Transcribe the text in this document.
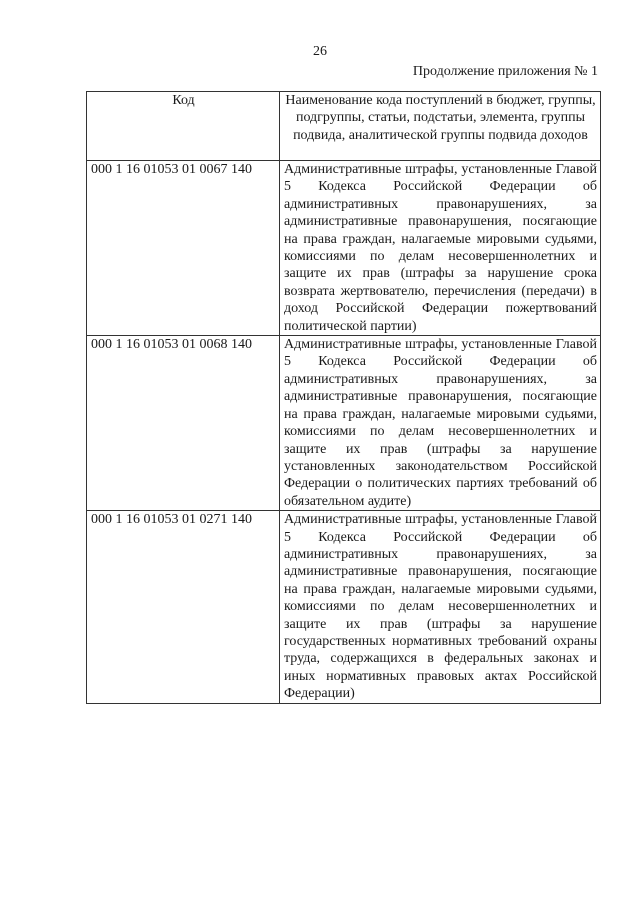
26
Продолжение приложения № 1
Код	Наименование кода поступлений в бюджет, группы, подгруппы, статьи, подстатьи, элемента, группы подвида, аналитической группы подвида доходов
000 1 16 01053 01 0067 140	Административные штрафы, установленные Главой 5 Кодекса Российской Федерации об административных правонарушениях, за административные правонарушения, посягающие на права граждан, налагаемые мировыми судьями, комиссиями по делам несовершеннолетних и защите их прав (штрафы за нарушение срока возврата жертвователю, перечисления (передачи) в доход Российской Федерации пожертвований политической партии)
000 1 16 01053 01 0068 140	Административные штрафы, установленные Главой 5 Кодекса Российской Федерации об административных правонарушениях, за административные правонарушения, посягающие на права граждан, налагаемые мировыми судьями, комиссиями по делам несовершеннолетних и защите их прав (штрафы за нарушение установленных законодательством Российской Федерации о политических партиях требований об обязательном аудите)
000 1 16 01053 01 0271 140	Административные штрафы, установленные Главой 5 Кодекса Российской Федерации об административных правонарушениях, за административные правонарушения, посягающие на права граждан, налагаемые мировыми судьями, комиссиями по делам несовершеннолетних и защите их прав (штрафы за нарушение государственных нормативных требований охраны труда, содержащихся в федеральных законах и иных нормативных правовых актах Российской Федерации)
